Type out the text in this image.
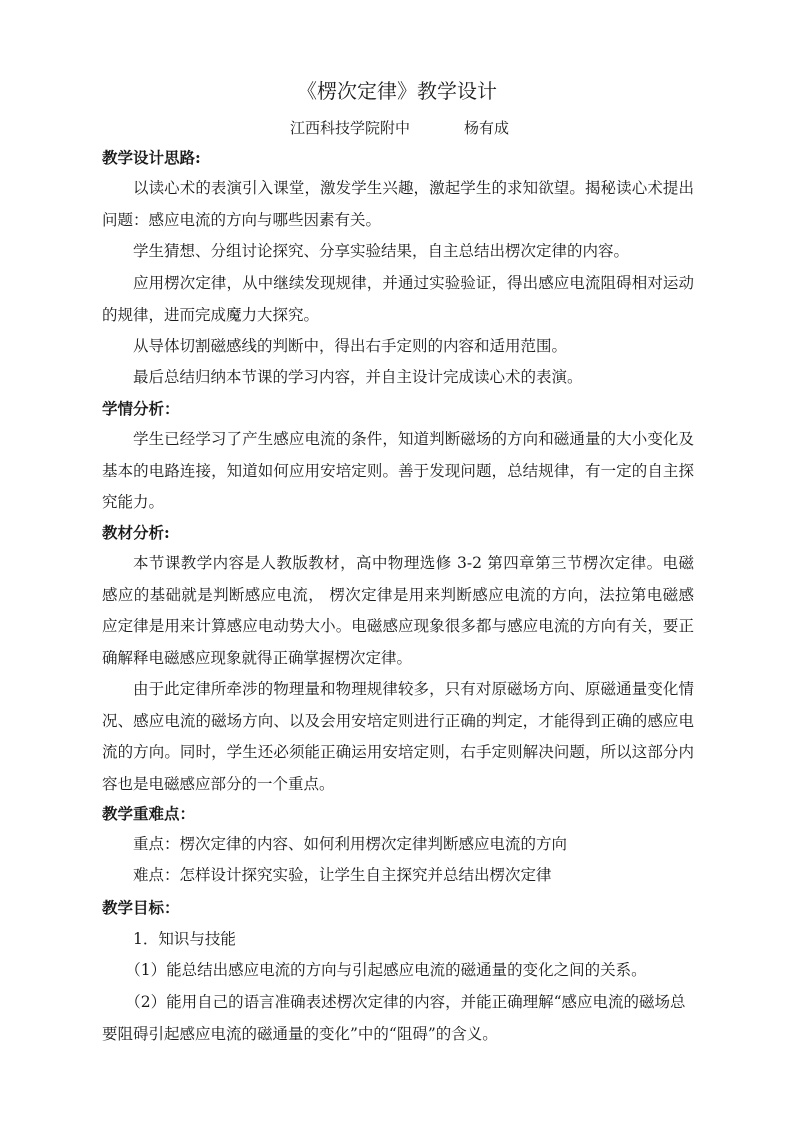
《楞次定律》教学设计
江西科技学院附中	杨有成
教学设计思路:

以读心术的表演引入课堂，激发学生兴趣，激起学生的求知欲望。揭秘读心术提出问题：感应电流的方向与哪些因素有关。

学生猜想、分组讨论探究、分享实验结果，自主总结出楞次定律的内容。

应用楞次定律，从中继续发现规律，并通过实验验证，得出感应电流阻碍相对运动的规律，进而完成魔力大探究。

从导体切割磁感线的判断中，得出右手定则的内容和适用范围。

最后总结归纳本节课的学习内容，并自主设计完成读心术的表演。

学情分析：

学生已经学习了产生感应电流的条件，知道判断磁场的方向和磁通量的大小变化及基本的电路连接，知道如何应用安培定则。善于发现问题，总结规律，有一定的自主探究能力。

教材分析:

本节课教学内容是人教版教材，高中物理选修 3-2 第四章第三节楞次定律。电磁感应的基础就是判断感应电流， 楞次定律是用来判断感应电流的方向，法拉第电磁感应定律是用来计算感应电动势大小。电磁感应现象很多都与感应电流的方向有关，要正确解释电磁感应现象就得正确掌握楞次定律。

由于此定律所牵涉的物理量和物理规律较多，只有对原磁场方向、原磁通量变化情况、感应电流的磁场方向、以及会用安培定则进行正确的判定，才能得到正确的感应电流的方向。同时，学生还必须能正确运用安培定则，右手定则解决问题，所以这部分内容也是电磁感应部分的一个重点。

教学重难点：

重点：楞次定律的内容、如何利用楞次定律判断感应电流的方向

难点：怎样设计探究实验，让学生自主探究并总结出楞次定律

教学目标：

1．知识与技能

（1）能总结出感应电流的方向与引起感应电流的磁通量的变化之间的关系。

（2）能用自己的语言准确表述楞次定律的内容，并能正确理解“感应电流的磁场总要阻碍引起感应电流的磁通量的变化”中的“阻碍”的含义。
